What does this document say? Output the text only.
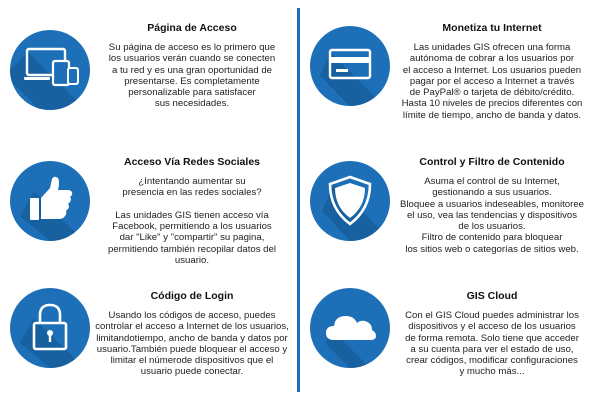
Página de Acceso
Su página de acceso es lo primero que
los usuarios verán cuando se conecten
a tu red y es una gran oportunidad de
presentarse. Es completamente
personalizable para satisfacer
sus necesidades.
Monetiza tu Internet
Las unidades GIS ofrecen una forma
autónoma de cobrar a los usuarios por
el acceso a Internet. Los usuarios pueden
pagar por el acceso a Internet a través
de PayPal® o tarjeta de débito/crédito.
Hasta 10 niveles de precios diferentes con
límite de tiempo, ancho de banda y datos.
Acceso Vía Redes Sociales
¿Intentando aumentar su
presencia en las redes sociales?

Las unidades GIS tienen acceso vía
Facebook, permitiendo a los usuarios
dar "Like" y "compartir" su pagina,
permitiendo también recopilar datos del usuario.
Control y Filtro de Contenido
Asuma el control de su Internet,
gestionando a sus usuarios.
Bloquee a usuarios indeseables, monitoree
el uso, vea las tendencias y dispositivos
de los usuarios.
Filtro de contenido para bloquear
los sitios web o categorías de sitios web.
Código de Login
Usando los códigos de acceso, puedes
controlar el acceso a Internet de los usuarios,
limitandotiempo, ancho de banda y datos por
usuario.También puede bloquear el acceso y
limitar el númerode dispositivos que el
usuario puede conectar.
GIS Cloud
Con el GIS Cloud puedes administrar los
dispositivos y el acceso de los usuarios
de forma remota. Solo tiene que acceder
a su cuenta para ver el estado de uso,
crear códigos, modificar configuraciones
y mucho más...
